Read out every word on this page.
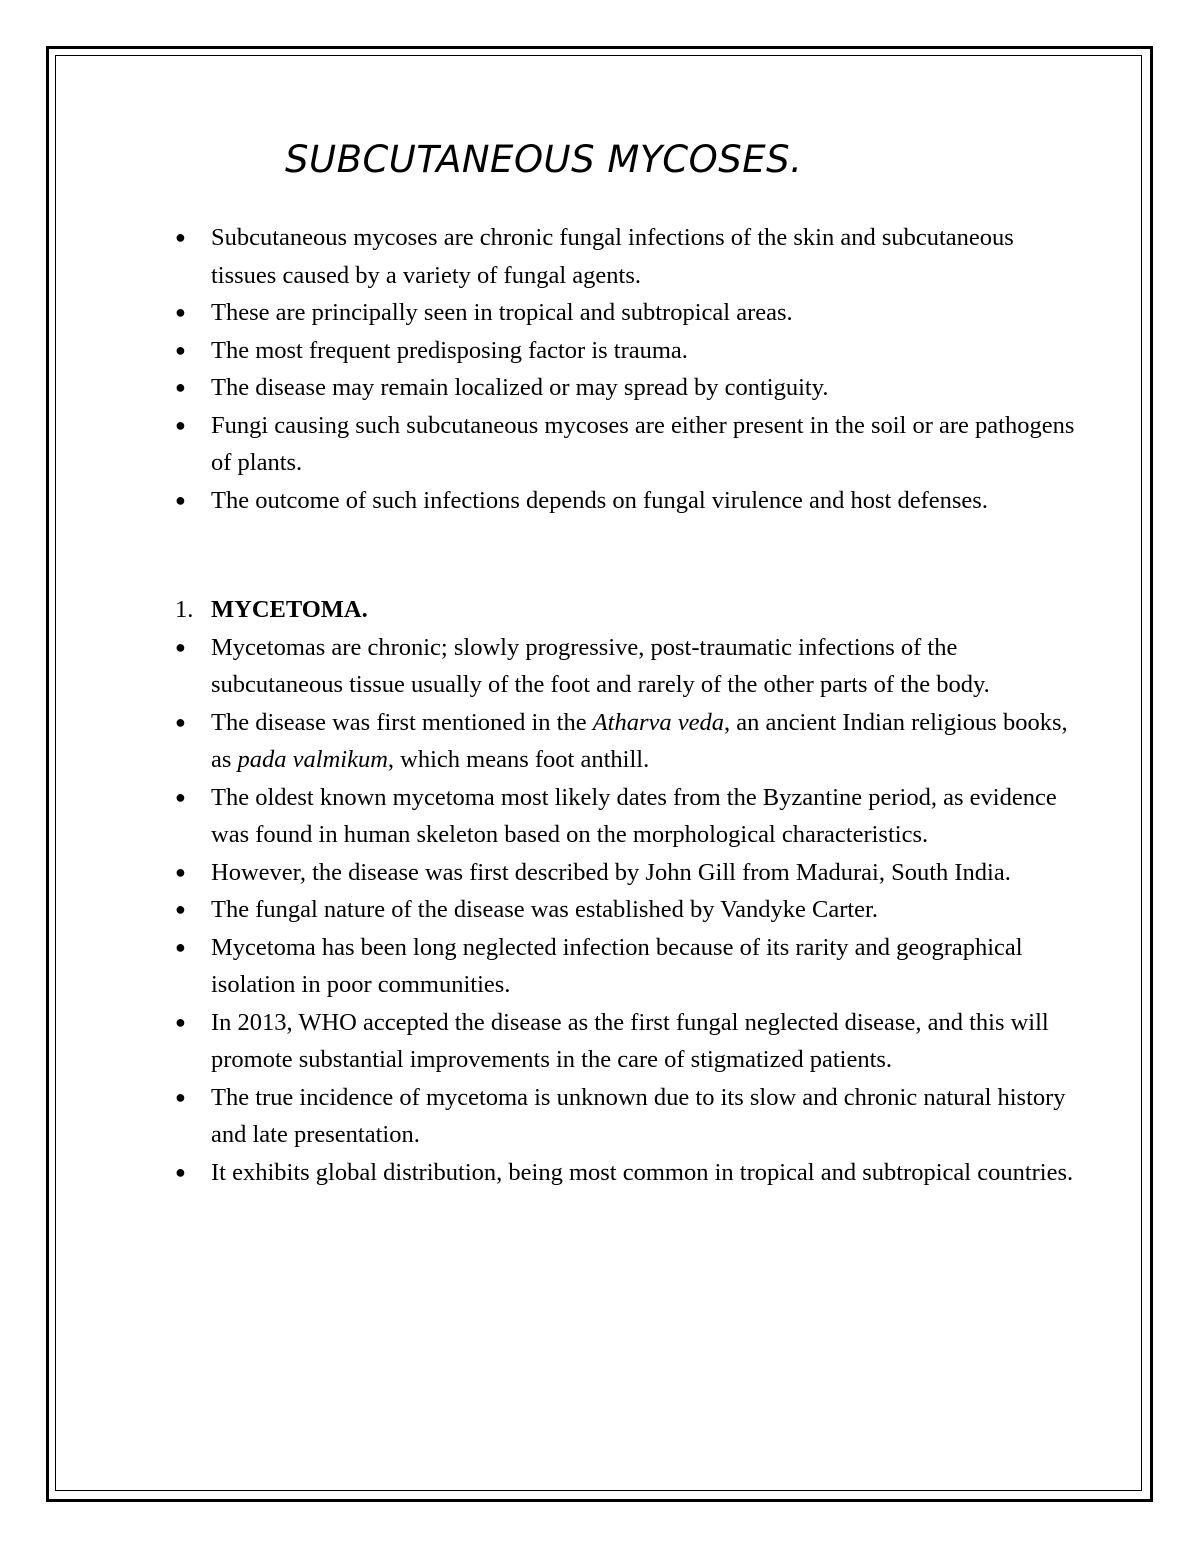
SUBCUTANEOUS MYCOSES.
● Subcutaneous mycoses are chronic fungal infections of the skin and subcutaneous tissues caused by a variety of fungal agents.
● These are principally seen in tropical and subtropical areas.
● The most frequent predisposing factor is trauma.
● The disease may remain localized or may spread by contiguity.
● Fungi causing such subcutaneous mycoses are either present in the soil or are pathogens of plants.
● The outcome of such infections depends on fungal virulence and host defenses.
1. MYCETOMA.
● Mycetomas are chronic; slowly progressive, post-traumatic infections of the subcutaneous tissue usually of the foot and rarely of the other parts of the body.
● The disease was first mentioned in the Atharva veda, an ancient Indian religious books, as pada valmikum, which means foot anthill.
● The oldest known mycetoma most likely dates from the Byzantine period, as evidence was found in human skeleton based on the morphological characteristics.
● However, the disease was first described by John Gill from Madurai, South India.
● The fungal nature of the disease was established by Vandyke Carter.
● Mycetoma has been long neglected infection because of its rarity and geographical isolation in poor communities.
● In 2013, WHO accepted the disease as the first fungal neglected disease, and this will promote substantial improvements in the care of stigmatized patients.
● The true incidence of mycetoma is unknown due to its slow and chronic natural history and late presentation.
● It exhibits global distribution, being most common in tropical and subtropical countries.
